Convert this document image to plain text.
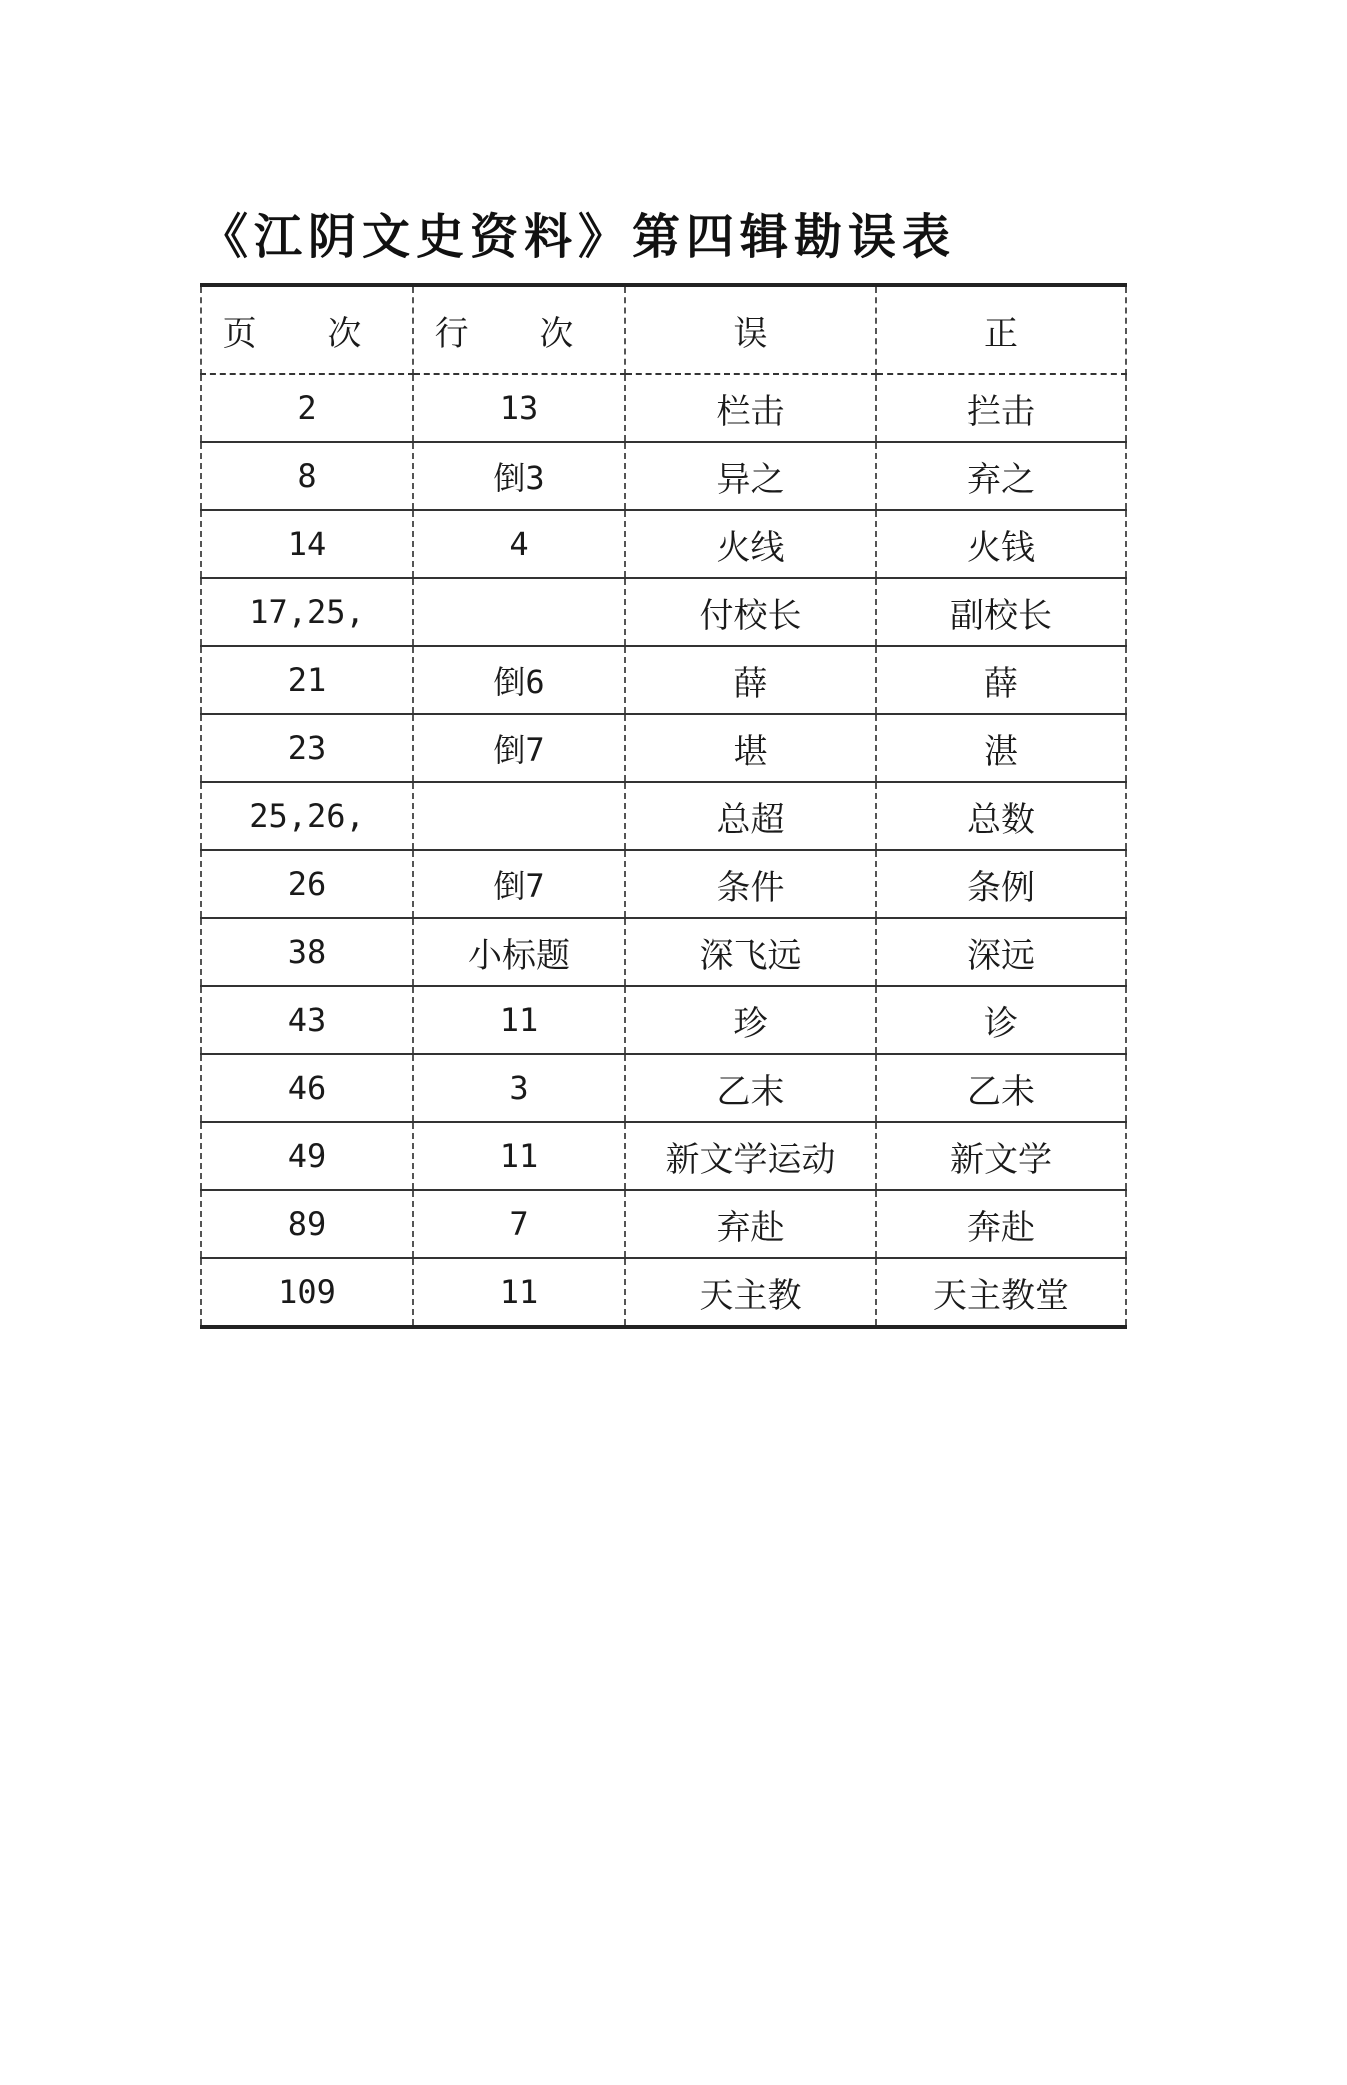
《江阴文史资料》第四辑勘误表
页 次	行 次	误	正
2	13	栏击	拦击
8	倒3	异之	弃之
14	4	火线	火钱
17,25,		付校长	副校长
21	倒6	薛	薛
23	倒7	堪	湛
25,26,		总超	总数
26	倒7	条件	条例
38	小标题	深飞远	深远
43	11	珍	诊
46	3	乙末	乙未
49	11	新文学运动	新文学
89	7	弃赴	奔赴
109	11	天主教	天主教堂
